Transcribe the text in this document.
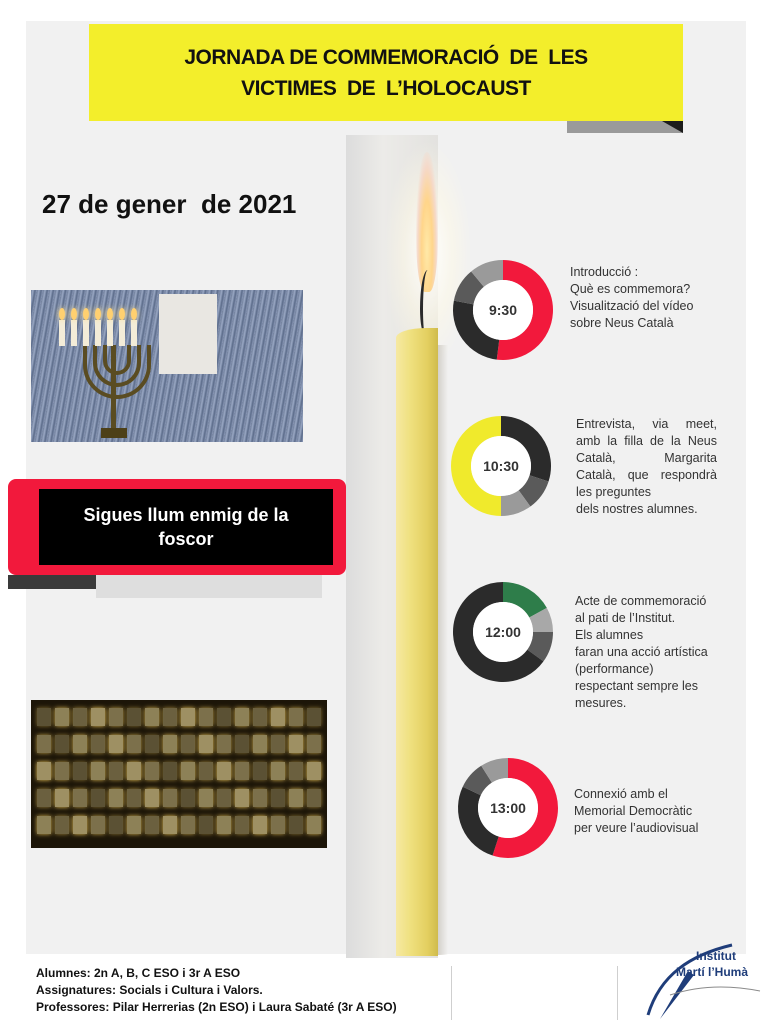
JORNADA DE COMMEMORACIÓ  DE  LES
VICTIMES  DE  L’HOLOCAUST
27 de gener  de 2021
Sigues llum enmig de la
foscor
9:30
Introducció :
Què es commemora?
Visualització del vídeo
sobre Neus Català
10:30
Entrevista, via meet,
amb la filla de la Neus
Català, Margarita
Català, que respondrà
les preguntes
dels nostres alumnes.
12:00
Acte de commemoració
al pati de l’Institut.
Els alumnes
faran una acció artística
(performance)
respectant sempre les
mesures.
13:00
Connexió amb el
Memorial Democràtic
per veure l’audiovisual
Alumnes: 2n A, B, C ESO i 3r A ESO
Assignatures: Socials i Cultura i Valors.
Professores: Pilar Herrerias (2n ESO) i Laura Sabaté (3r A ESO)
Institut
Martí l’Humà
